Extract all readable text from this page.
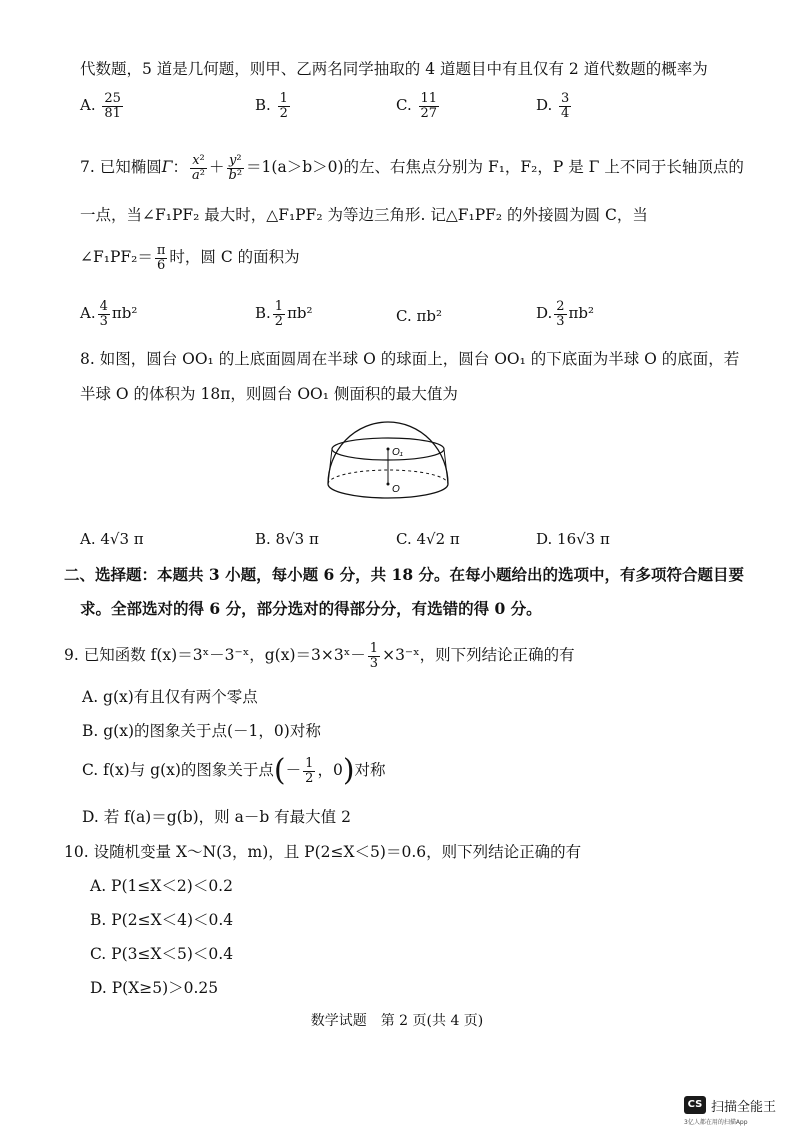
代数题，5 道是几何题，则甲、乙两名同学抽取的 4 道题目中有且仅有 2 道代数题的概率为
A. $\frac{25}{81}$	B. $\frac{1}{2}$	C. $\frac{11}{27}$	D. $\frac{3}{4}$
7. 已知椭圆Γ： $\frac{\text{x²}}{\text{a²}} + \frac{\text{y²}}{\text{b²}} =1(a>b>0)$的左、右焦点分别为 F₁，F₂，P 是 Γ 上不同于长轴顶点的
一点，当∠F₁PF₂ 最大时，△F₁PF₂ 为等边三角形. 记△F₁PF₂ 的外接圆为圆 C，当
∠F₁PF₂＝ $\frac{\pi}{6}$ 时，圆 C 的面积为
A. $\frac{4}{3} \pi b^2$	B. $\frac{1}{2} \pi b^2$	C. πb²	D. $\frac{2}{3} \pi b^2$
8. 如图，圆台 OO₁ 的上底面圆周在半球 O 的球面上，圆台 OO₁ 的下底面为半球 O 的底面，若
半球 O 的体积为 18π，则圆台 OO₁ 侧面积的最大值为
O₁
O
A. 4√3 π	B. 8√3 π	C. 4√2 π	D. 16√3 π
二、选择题：本题共 3 小题，每小题 6 分，共 18 分。在每小题给出的选项中，有多项符合题目要
求。全部选对的得 6 分，部分选对的得部分分，有选错的得 0 分。
9. 已知函数 f(x)＝3ˣ－3⁻ˣ，g(x)＝3×3ˣ－ $\frac{1}{3}$ ×3⁻ˣ，则下列结论正确的有
A. g(x)有且仅有两个零点
B. g(x)的图象关于点(－1，0)对称
C. f(x)与 g(x)的图象关于点(－ $\frac{1}{2}$ ，0)对称
D. 若 f(a)＝g(b)，则 a－b 有最大值 2
10. 设随机变量 X～N(3，m)，且 P(2≤X＜5)＝0.6，则下列结论正确的有
A. P(1≤X＜2)＜0.2
B. P(2≤X＜4)＜0.4
C. P(3≤X＜5)＜0.4
D. P(X≥5)＞0.25
数学试题　第 2 页(共 4 页)
CS 扫描全能王
3亿人都在用的扫描App
